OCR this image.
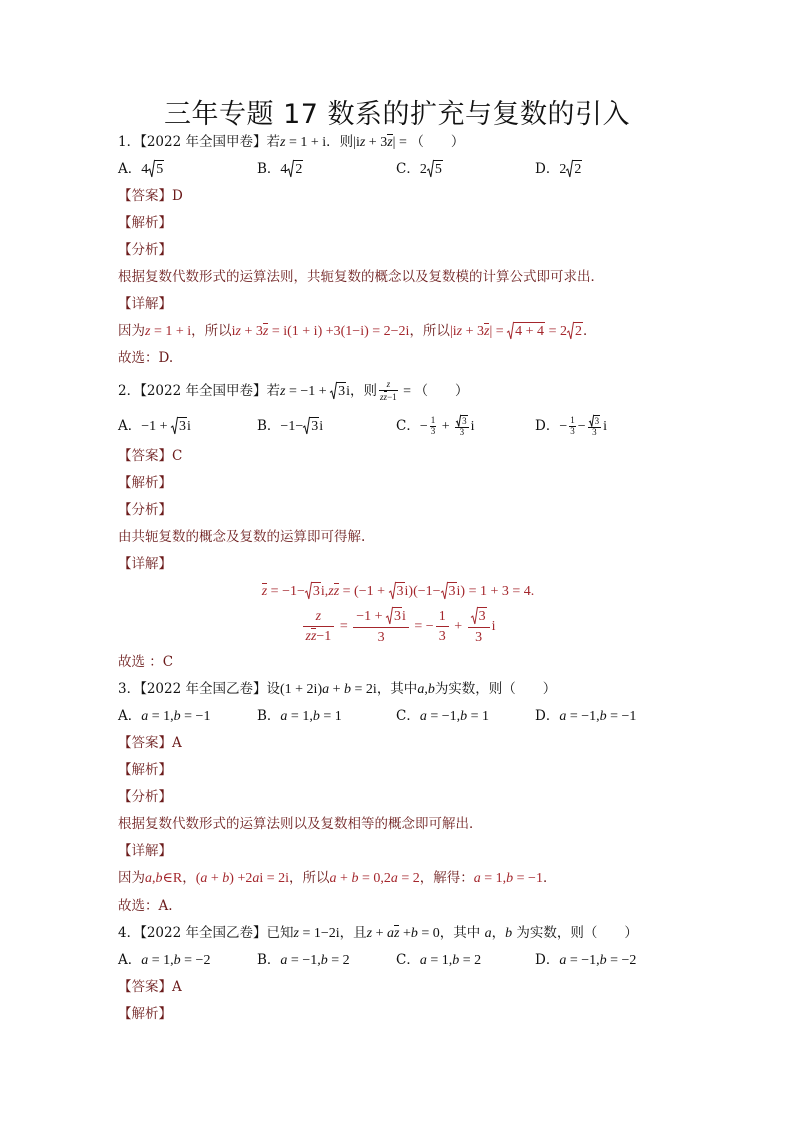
三年专题 17 数系的扩充与复数的引入
1．【2022 年全国甲卷】若z = 1 + i．则|iz + 3z| = （　　）
A．4 5	B．4 2	C．2 5	D．2 2
【答案】D
【解析】
【分析】
根据复数代数形式的运算法则，共轭复数的概念以及复数模的计算公式即可求出．
【详解】
因为z = 1 + i，所以iz + 3z = i(1 + i) +3(1−i) = 2−2i，所以|iz + 3z| =
4 + 4 = 2 2．
故选：D.
2．【2022 年全国甲卷】若z = −1 +
3i，则 $\frac{z}{zz-1}$ = （　　）
A．−1 +
3i	B．−1− 3i	C．− $\frac{1}{3} + \frac{3}{3}$ i	D．− $\frac{1}{3} - \frac{3}{3}$ i
【答案】C
【解析】
【分析】
由共轭复数的概念及复数的运算即可得解.
【详解】
z = −1− 3i,zz = (−1 +
3i)(−1− 3i) = 1 + 3 = 4.
$\frac{z}{zz-1} = -1$ +
3i
3 = − $\frac{1}{3} + \frac{3}{3}$ i
故选 ：C
3．【2022 年全国乙卷】设(1 + 2i)a + b = 2i，其中a,b为实数，则（　　）
A．a = 1,b = −1	B．a = 1,b = 1	C．a = −1,b = 1	D．a = −1,b = −1
【答案】A
【解析】
【分析】
根据复数代数形式的运算法则以及复数相等的概念即可解出．
【详解】
因为a,b∈R，(a + b) +2ai = 2i，所以a + b = 0,2a = 2，解得：a = 1,b = −1．
故选：A.
4．【2022 年全国乙卷】已知z = 1−2i，且z + az +b = 0，其中 a，b 为实数，则（　　）
A．a = 1,b = −2	B．a = −1,b = 2	C．a = 1,b = 2	D．a = −1,b = −2
【答案】A
【解析】
